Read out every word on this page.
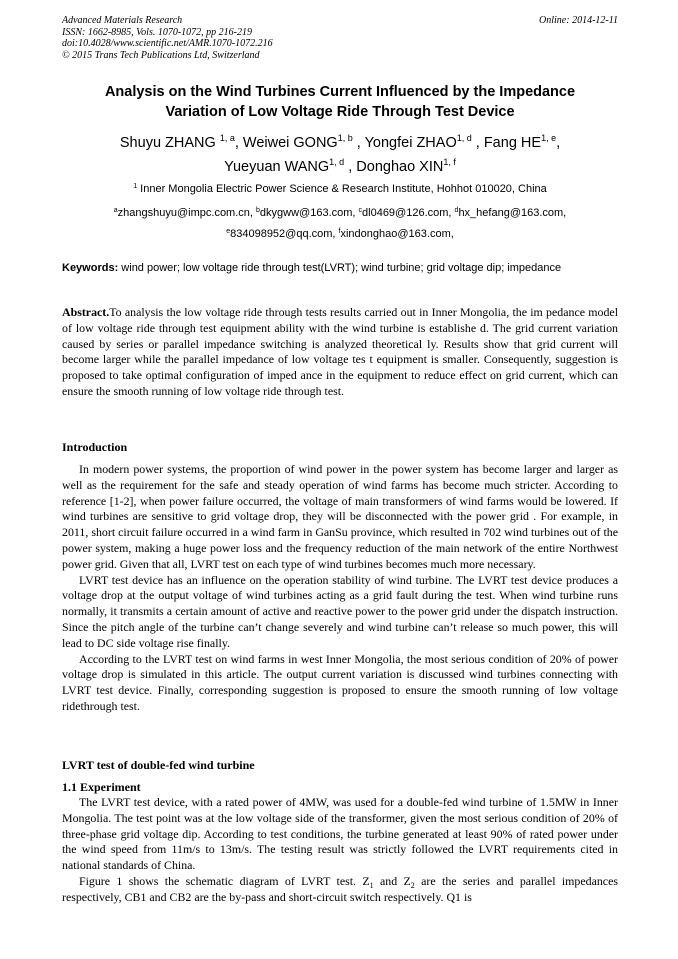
Advanced Materials Research
ISSN: 1662-8985, Vols. 1070-1072, pp 216-219
doi:10.4028/www.scientific.net/AMR.1070-1072.216
© 2015 Trans Tech Publications Ltd, Switzerland
Online: 2014-12-11
Analysis on the Wind Turbines Current Influenced by the Impedance
Variation of Low Voltage Ride Through Test Device
Shuyu ZHANG $^{1, a}$, Weiwei GONG$^{1, b}$ , Yongfei ZHAO$^{1, d}$ , Fang HE$^{1, e}$,
Yueyuan WANG$^{1, d}$ , Donghao XIN$^{1, f}$
$^1$ Inner Mongolia Electric Power Science & Research Institute, Hohhot 010020, China
$^a$zhangshuyu@impc.com.cn, $^b$dkygww@163.com, $^c$dl0469@126.com, $^d$hx_hefang@163.com,
$^e$834098952@qq.com, $^f$xindonghao@163.com,
Keywords: wind power; low voltage ride through test(LVRT); wind turbine; grid voltage dip; impedance
Abstract.To analysis the low voltage ride through tests results carried out in Inner Mongolia, the im pedance model of low voltage ride through test equipment ability with the wind turbine is establishe d. The grid current variation caused by series or parallel impedance switching is analyzed theoretical ly. Results show that grid current will become larger while the parallel impedance of low voltage tes t equipment is smaller. Consequently, suggestion is proposed to take optimal configuration of imped ance in the equipment to reduce effect on grid current, which can ensure the smooth running of low voltage ride through test.
Introduction

In modern power systems, the proportion of wind power in the power system has become larger and larger as well as the requirement for the safe and steady operation of wind farms has become much stricter. According to reference [1-2], when power failure occurred, the voltage of main transformers of wind farms would be lowered. If wind turbines are sensitive to grid voltage drop, they will be disconnected with the power grid . For example, in 2011, short circuit failure occurred in a wind farm in GanSu province, which resulted in 702 wind turbines out of the power system, making a huge power loss and the frequency reduction of the main network of the entire Northwest power grid. Given that all, LVRT test on each type of wind turbines becomes much more necessary.

LVRT test device has an influence on the operation stability of wind turbine. The LVRT test device produces a voltage drop at the output voltage of wind turbines acting as a grid fault during the test. When wind turbine runs normally, it transmits a certain amount of active and reactive power to the power grid under the dispatch instruction. Since the pitch angle of the turbine can’t change severely and wind turbine can’t release so much power, this will lead to DC side voltage rise finally.

According to the LVRT test on wind farms in west Inner Mongolia, the most serious condition of 20% of power voltage drop is simulated in this article. The output current variation is discussed wind turbines connecting with LVRT test device. Finally, corresponding suggestion is proposed to ensure the smooth running of low voltage ridethrough test.

LVRT test of double-fed wind turbine
1.1 Experiment

The LVRT test device, with a rated power of 4MW, was used for a double-fed wind turbine of 1.5MW in Inner Mongolia. The test point was at the low voltage side of the transformer, given the most serious condition of 20% of three-phase grid voltage dip. According to test conditions, the turbine generated at least 90% of rated power under the wind speed from 11m/s to 13m/s. The testing result was strictly followed the LVRT requirements cited in national standards of China.

Figure 1 shows the schematic diagram of LVRT test. $Z_1$ and $Z_2$ are the series and parallel impedances respectively, CB1 and CB2 are the by-pass and short-circuit switch respectively. Q1 is
